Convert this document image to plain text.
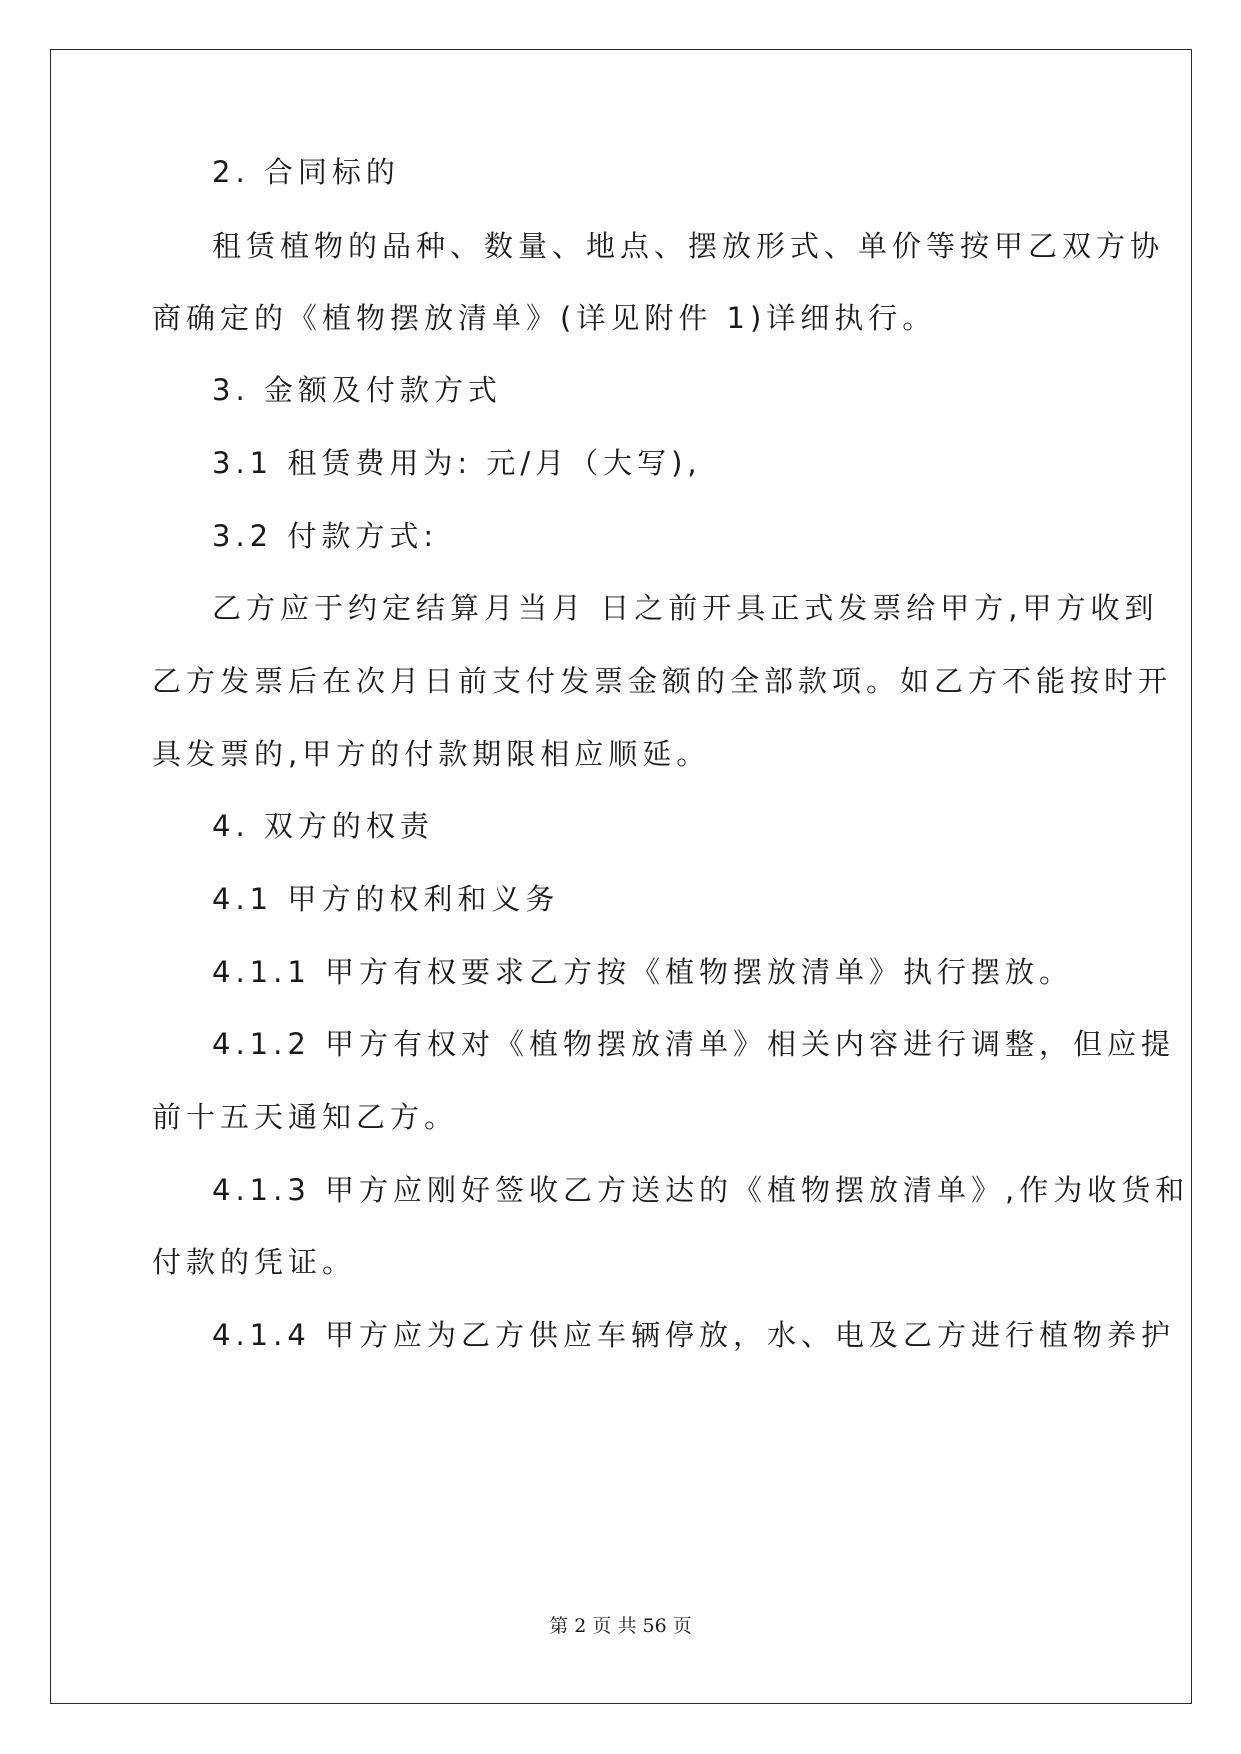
2. 合同标的
租赁植物的品种、数量、地点、摆放形式、单价等按甲乙双方协
商确定的《植物摆放清单》(详见附件 1)详细执行。
3. 金额及付款方式
3.1 租赁费用为: 元/月（大写),
3.2 付款方式:
乙方应于约定结算月当月 日之前开具正式发票给甲方,甲方收到
乙方发票后在次月日前支付发票金额的全部款项。如乙方不能按时开
具发票的,甲方的付款期限相应顺延。
4. 双方的权责
4.1 甲方的权利和义务
4.1.1 甲方有权要求乙方按《植物摆放清单》执行摆放。
4.1.2 甲方有权对《植物摆放清单》相关内容进行调整，但应提
前十五天通知乙方。
4.1.3 甲方应刚好签收乙方送达的《植物摆放清单》,作为收货和
付款的凭证。
4.1.4 甲方应为乙方供应车辆停放，水、电及乙方进行植物养护
第 2 页 共 56 页
